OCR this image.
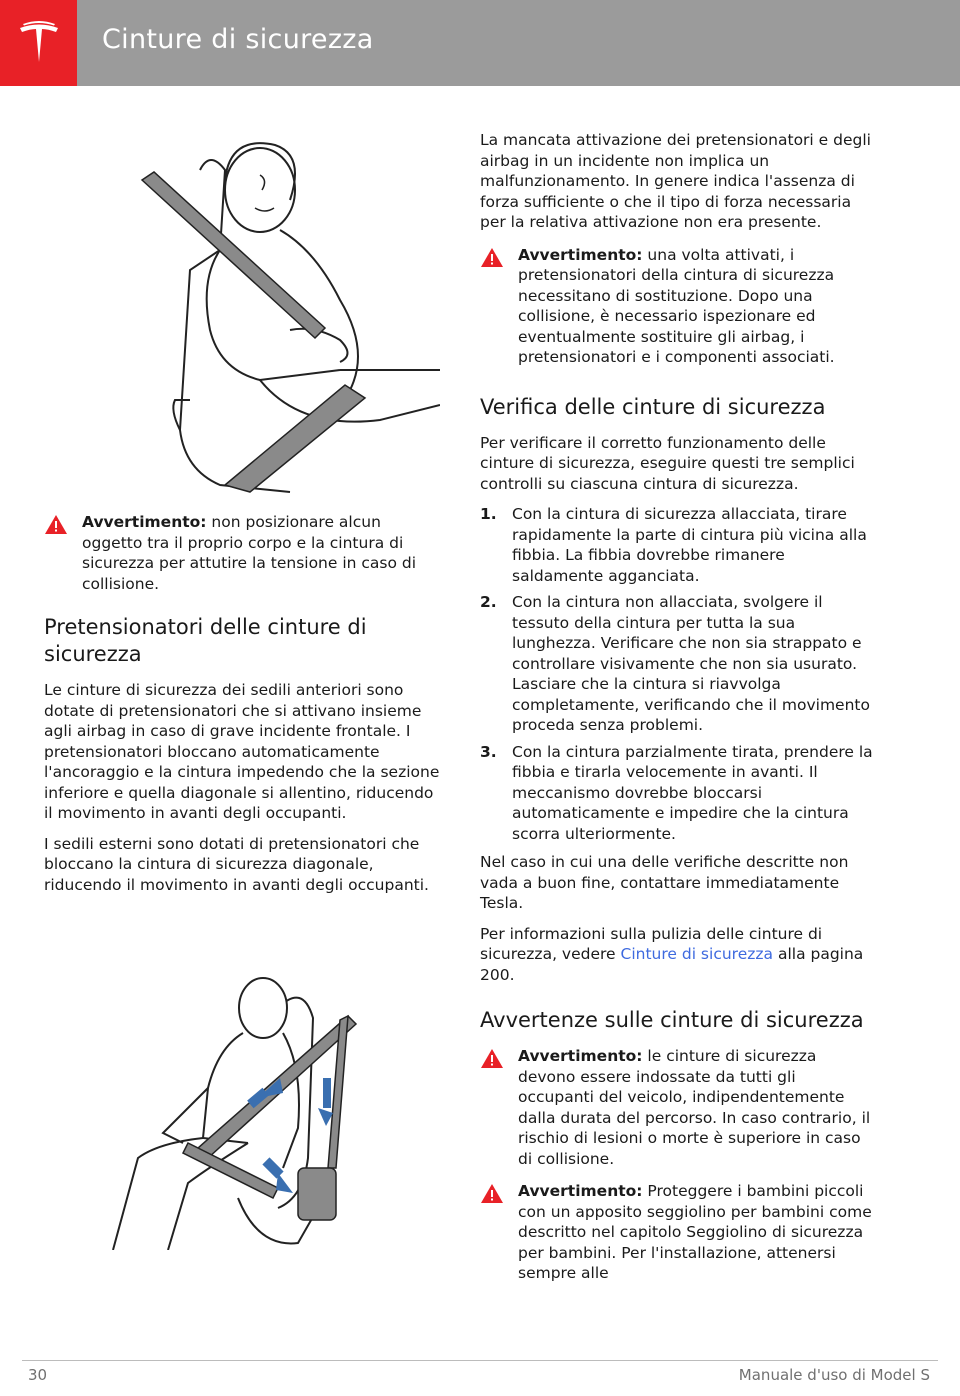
Cinture di sicurezza
Avvertimento: non posizionare alcun oggetto tra il proprio corpo e la cintura di sicurezza per attutire la tensione in caso di collisione.
Pretensionatori delle cinture di sicurezza

Le cinture di sicurezza dei sedili anteriori sono dotate di pretensionatori che si attivano insieme agli airbag in caso di grave incidente frontale. I pretensionatori bloccano automaticamente l'ancoraggio e la cintura impedendo che la sezione inferiore e quella diagonale si allentino, riducendo il movimento in avanti degli occupanti.

I sedili esterni sono dotati di pretensionatori che bloccano la cintura di sicurezza diagonale, riducendo il movimento in avanti degli occupanti.

La mancata attivazione dei pretensionatori e degli airbag in un incidente non implica un malfunzionamento. In genere indica l'assenza di forza sufficiente o che il tipo di forza necessaria per la relativa attivazione non era presente.

Avvertimento: una volta attivati, i pretensionatori della cintura di sicurezza necessitano di sostituzione. Dopo una collisione, è necessario ispezionare ed eventualmente sostituire gli airbag, i pretensionatori e i componenti associati.
Verifica delle cinture di sicurezza

Per verificare il corretto funzionamento delle cinture di sicurezza, eseguire questi tre semplici controlli su ciascuna cintura di sicurezza.

1. Con la cintura di sicurezza allacciata, tirare rapidamente la parte di cintura più vicina alla fibbia. La fibbia dovrebbe rimanere saldamente agganciata.
2. Con la cintura non allacciata, svolgere il tessuto della cintura per tutta la sua lunghezza. Verificare che non sia strappato e controllare visivamente che non sia usurato. Lasciare che la cintura si riavvolga completamente, verificando che il movimento proceda senza problemi.
3. Con la cintura parzialmente tirata, prendere la fibbia e tirarla velocemente in avanti. Il meccanismo dovrebbe bloccarsi automaticamente e impedire che la cintura scorra ulteriormente.

Nel caso in cui una delle verifiche descritte non vada a buon fine, contattare immediatamente Tesla.

Per informazioni sulla pulizia delle cinture di sicurezza, vedere Cinture di sicurezza alla pagina 200.

Avvertenze sulle cinture di sicurezza
Avvertimento: le cinture di sicurezza devono essere indossate da tutti gli occupanti del veicolo, indipendentemente dalla durata del percorso. In caso contrario, il rischio di lesioni o morte è superiore in caso di collisione.
Avvertimento: Proteggere i bambini piccoli con un apposito seggiolino per bambini come descritto nel capitolo Seggiolino di sicurezza per bambini. Per l'installazione, attenersi sempre alle
30	Manuale d'uso di Model S
